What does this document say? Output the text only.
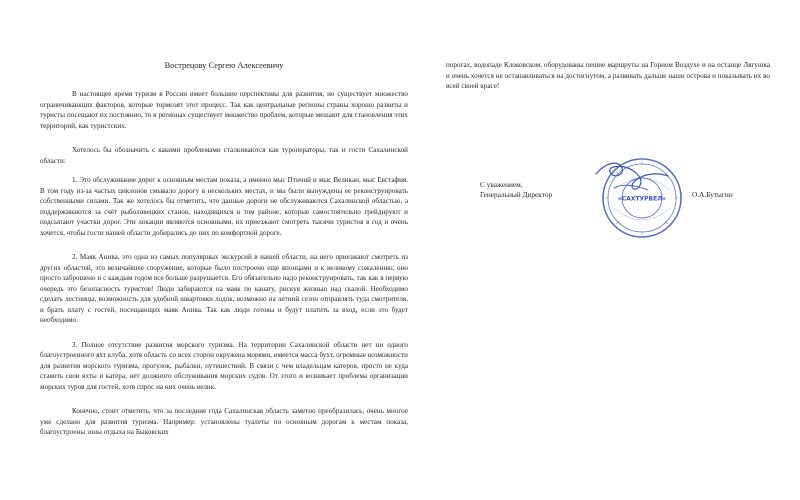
Вострецову Сергею Алексеевичу

В настоящее время туризм в России имеет большие перспективы для развития, но существует множество ограничивающих факторов, которые тормозят этот процесс. Так как центральные регионы страны хорошо развиты и туристы посещают их постоянно, то в регионах существует множество проблем, которые мешают для становления этих территорий, как туристских.

Хотелось бы обозначить с какими проблемами сталкиваются как туроператоры, так и гости Сахалинской области:

1. Это обслуживание дорог к основным местам показа, а именно мыс Птичий и мыс Великан, мыс Евстафия. В том году из-за частых циклонов смывало дорогу в нескольких местах, и мы были вынуждены ее реконструировать собственными силами. Так же хотелось бы отметить, что данные дороги не обслуживаются Сахалинской областью, а поддерживаются за счёт рыболовецких станов, находящихся в том районе, которые самостоятельно грейдируют и подсыпают участки дорог. Эти локации являются основными, их приезжают смотреть тысячи туристов в год и очень хочется, чтобы гости нашей области добирались до них по комфортной дороге.

2. Маяк Анива, это одна из самых популярных экскурсий в нашей области, на него приезжают смотреть из других областей, это величайшее сооружение, которые было построено еще японцами и к великому сожалению, оно просто заброшено и с каждым годом все больше разрушается. Его обязательно надо реконструировать, так как в первую очередь это безопасность туристов! Люди забираются на маяк по канату, рискуя жизнью над скалой. Необходимо сделать лестницы, возможность для удобной швартовки лодок, возможно на летний сезон отправлять туда смотрителя, и брать плату с гостей, посещающих маяк Анива. Так как люди готовы и будут платить за вход, если это будет необходимо.

3. Полное отсутствие развития морского туризма. На территории Сахалинской области нет ни одного благоустроенного яхт клуба, хотя область со всех сторон окружена морями, имеется масса бухт, огромные возможности для развития морского туризма, прогулок, рыбалки, путешествий. В связи с чем владельцам катеров, просто не куда ставить свои яхты и катера, нет должного обслуживания морских судов. От этого и возникает проблема организации морских туров для гостей, хотя спрос на них очень велик.

Конечно, стоит отметить, что за последние года Сахалинская область заметно преобразилась, очень многое уже сделано для развития туризма. Например: установлены туалеты по основным дорогам к местам показа, благоустроены зоны отдыха на Быковских

порогах, водопаде Клоковском, оборудованы пешие маршруты на Горном Воздухе и на останце Лягушка и очень хочется не останавливаться на достигнутом, а развивать дальше наши острова и показывать их во всей своей красе!

С уважением,
Генеральный Директор	«САХТУРВЕЛ»	О.А.Бутыгин
